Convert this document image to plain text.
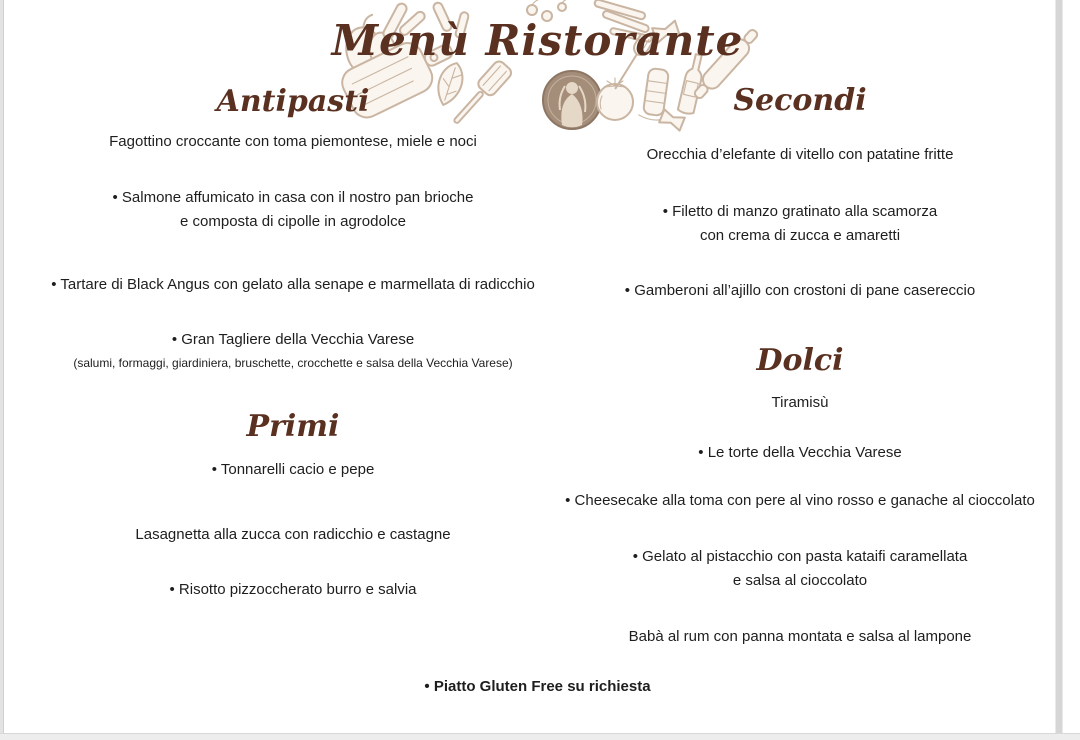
Menù Ristorante
Antipasti
Fagottino croccante con toma piemontese, miele e noci
• Salmone affumicato in casa con il nostro pan brioche
e composta di cipolle in agrodolce
• Tartare di Black Angus con gelato alla senape e marmellata di radicchio
• Gran Tagliere della Vecchia Varese
(salumi, formaggi, giardiniera, bruschette, crocchette e salsa della Vecchia Varese)
Primi
• Tonnarelli cacio e pepe
Lasagnetta alla zucca con radicchio e castagne
• Risotto pizzoccherato burro e salvia
Secondi
Orecchia d’elefante di vitello con patatine fritte
• Filetto di manzo gratinato alla scamorza
con crema di zucca e amaretti
• Gamberoni all’ajillo con crostoni di pane casereccio
Dolci
Tiramisù
• Le torte della Vecchia Varese
• Cheesecake alla toma con pere al vino rosso e ganache al cioccolato
• Gelato al pistacchio con pasta kataifi caramellata
e salsa al cioccolato
Babà al rum con panna montata e salsa al lampone
• Piatto Gluten Free su richiesta
